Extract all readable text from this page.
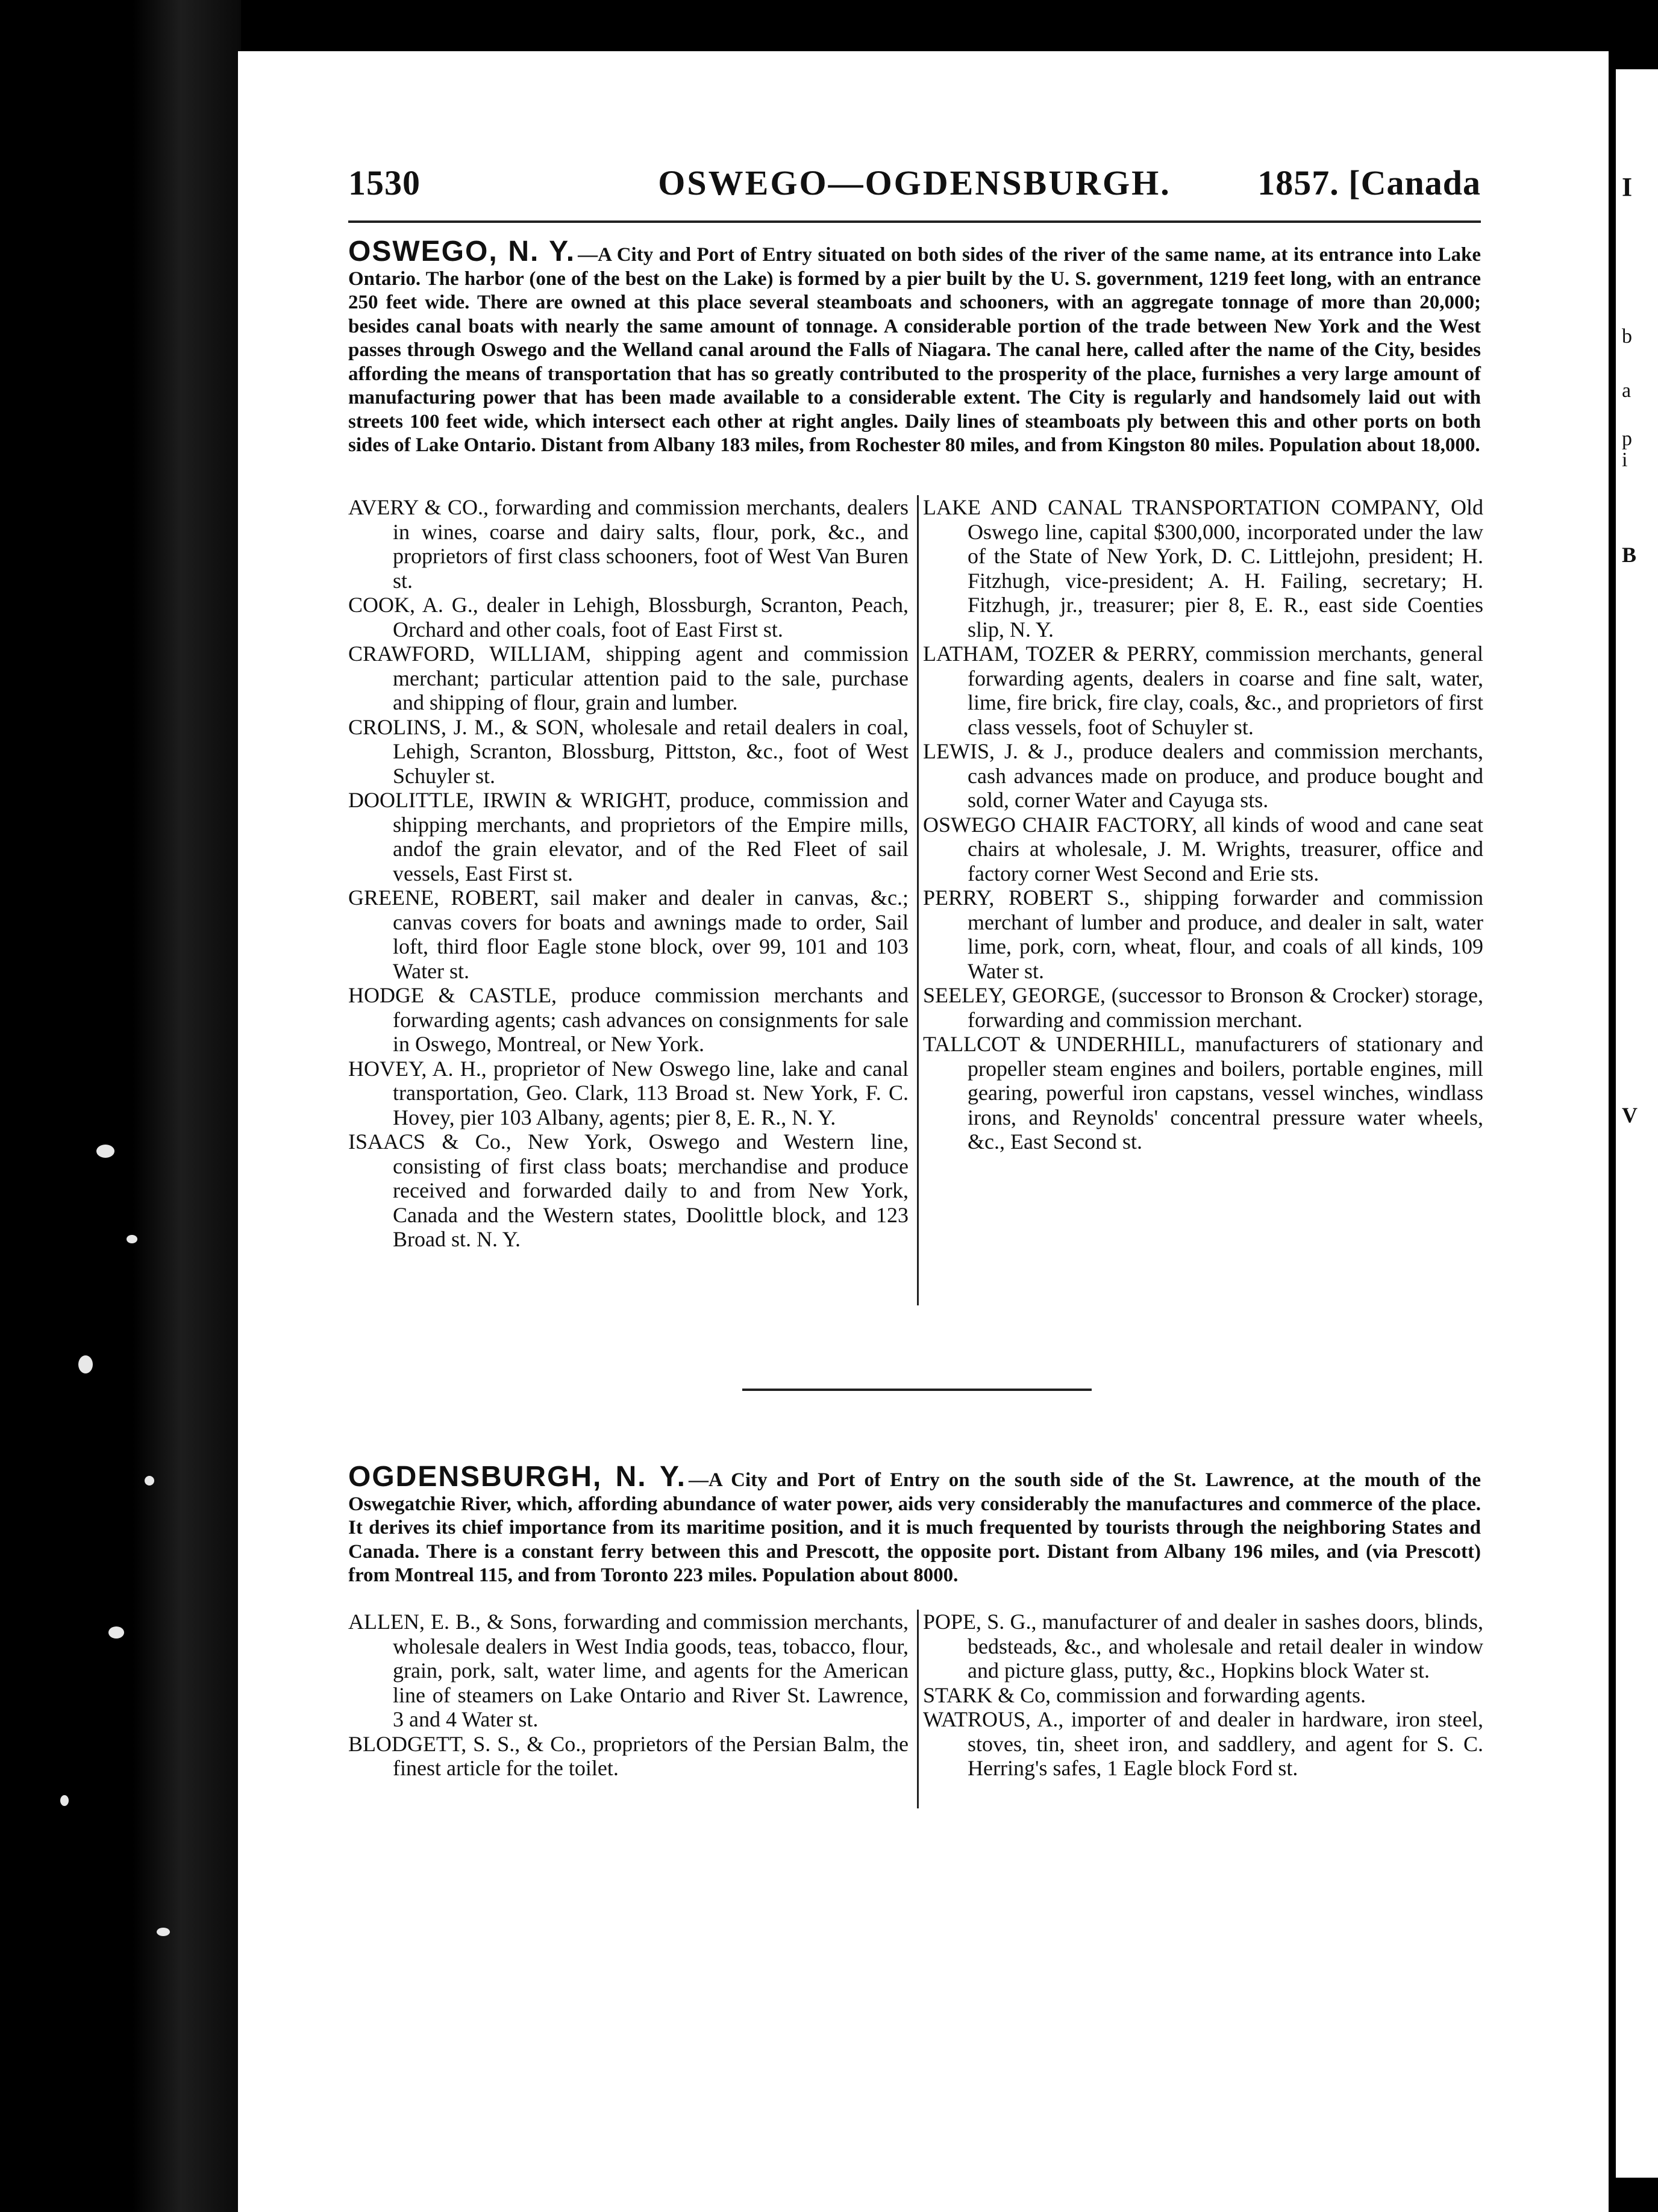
I
b
a
p
i
B
V
1530	OSWEGO—OGDENSBURGH.	1857. [Canada
OSWEGO, N. Y. —A City and Port of Entry situated on both sides of the river of the same name, at its entrance into Lake Ontario. The harbor (one of the best on the Lake) is formed by a pier built by the U. S. government, 1219 feet long, with an entrance 250 feet wide. There are owned at this place several steamboats and schooners, with an aggregate tonnage of more than 20,000; besides canal boats with nearly the same amount of tonnage. A considerable portion of the trade between New York and the West passes through Oswego and the Welland canal around the Falls of Niagara. The canal here, called after the name of the City, besides affording the means of transportation that has so greatly contributed to the prosperity of the place, furnishes a very large amount of manufacturing power that has been made available to a considerable extent. The City is regularly and handsomely laid out with streets 100 feet wide, which intersect each other at right angles. Daily lines of steamboats ply between this and other ports on both sides of Lake Ontario. Distant from Albany 183 miles, from Rochester 80 miles, and from Kingston 80 miles. Population about 18,000.

AVERY & CO., forwarding and commission merchants, dealers in wines, coarse and dairy salts, flour, pork, &c., and proprietors of first class schooners, foot of West Van Buren st.

COOK, A. G., dealer in Lehigh, Blossburgh, Scranton, Peach, Orchard and other coals, foot of East First st.

CRAWFORD, WILLIAM, shipping agent and commission merchant; particular attention paid to the sale, purchase and shipping of flour, grain and lumber.

CROLINS, J. M., & SON, wholesale and retail dealers in coal, Lehigh, Scranton, Blossburg, Pittston, &c., foot of West Schuyler st.

DOOLITTLE, IRWIN & WRIGHT, produce, commission and shipping merchants, and proprietors of the Empire mills, andof the grain elevator, and of the Red Fleet of sail vessels, East First st.

GREENE, ROBERT, sail maker and dealer in canvas, &c.; canvas covers for boats and awnings made to order, Sail loft, third floor Eagle stone block, over 99, 101 and 103 Water st.

HODGE & CASTLE, produce commission merchants and forwarding agents; cash advances on consignments for sale in Oswego, Montreal, or New York.

HOVEY, A. H., proprietor of New Oswego line, lake and canal transportation, Geo. Clark, 113 Broad st. New York, F. C. Hovey, pier 103 Albany, agents; pier 8, E. R., N. Y.

ISAACS & Co., New York, Oswego and Western line, consisting of first class boats; merchandise and produce received and forwarded daily to and from New York, Canada and the Western states, Doolittle block, and 123 Broad st. N. Y.

LAKE AND CANAL TRANSPORTATION COMPANY, Old Oswego line, capital $300,000, incorporated under the law of the State of New York, D. C. Littlejohn, president; H. Fitzhugh, vice-president; A. H. Failing, secretary; H. Fitzhugh, jr., treasurer; pier 8, E. R., east side Coenties slip, N. Y.

LATHAM, TOZER & PERRY, commission merchants, general forwarding agents, dealers in coarse and fine salt, water, lime, fire brick, fire clay, coals, &c., and proprietors of first class vessels, foot of Schuyler st.

LEWIS, J. & J., produce dealers and commission merchants, cash advances made on produce, and produce bought and sold, corner Water and Cayuga sts.

OSWEGO CHAIR FACTORY, all kinds of wood and cane seat chairs at wholesale, J. M. Wrights, treasurer, office and factory corner West Second and Erie sts.

PERRY, ROBERT S., shipping forwarder and commission merchant of lumber and produce, and dealer in salt, water lime, pork, corn, wheat, flour, and coals of all kinds, 109 Water st.

SEELEY, GEORGE, (successor to Bronson & Crocker) storage, forwarding and commission merchant.

TALLCOT & UNDERHILL, manufacturers of stationary and propeller steam engines and boilers, portable engines, mill gearing, powerful iron capstans, vessel winches, windlass irons, and Reynolds' concentral pressure water wheels, &c., East Second st.

OGDENSBURGH, N. Y. —A City and Port of Entry on the south side of the St. Lawrence, at the mouth of the Oswegatchie River, which, affording abundance of water power, aids very considerably the manufactures and commerce of the place. It derives its chief importance from its maritime position, and it is much frequented by tourists through the neighboring States and Canada. There is a constant ferry between this and Prescott, the opposite port. Distant from Albany 196 miles, and (via Prescott) from Montreal 115, and from Toronto 223 miles. Population about 8000.

ALLEN, E. B., & Sons, forwarding and commission merchants, wholesale dealers in West India goods, teas, tobacco, flour, grain, pork, salt, water lime, and agents for the American line of steamers on Lake Ontario and River St. Lawrence, 3 and 4 Water st.

BLODGETT, S. S., & Co., proprietors of the Persian Balm, the finest article for the toilet.

POPE, S. G., manufacturer of and dealer in sashes doors, blinds, bedsteads, &c., and wholesale and retail dealer in window and picture glass, putty, &c., Hopkins block Water st.

STARK & Co, commission and forwarding agents.

WATROUS, A., importer of and dealer in hardware, iron steel, stoves, tin, sheet iron, and saddlery, and agent for S. C. Herring's safes, 1 Eagle block Ford st.
